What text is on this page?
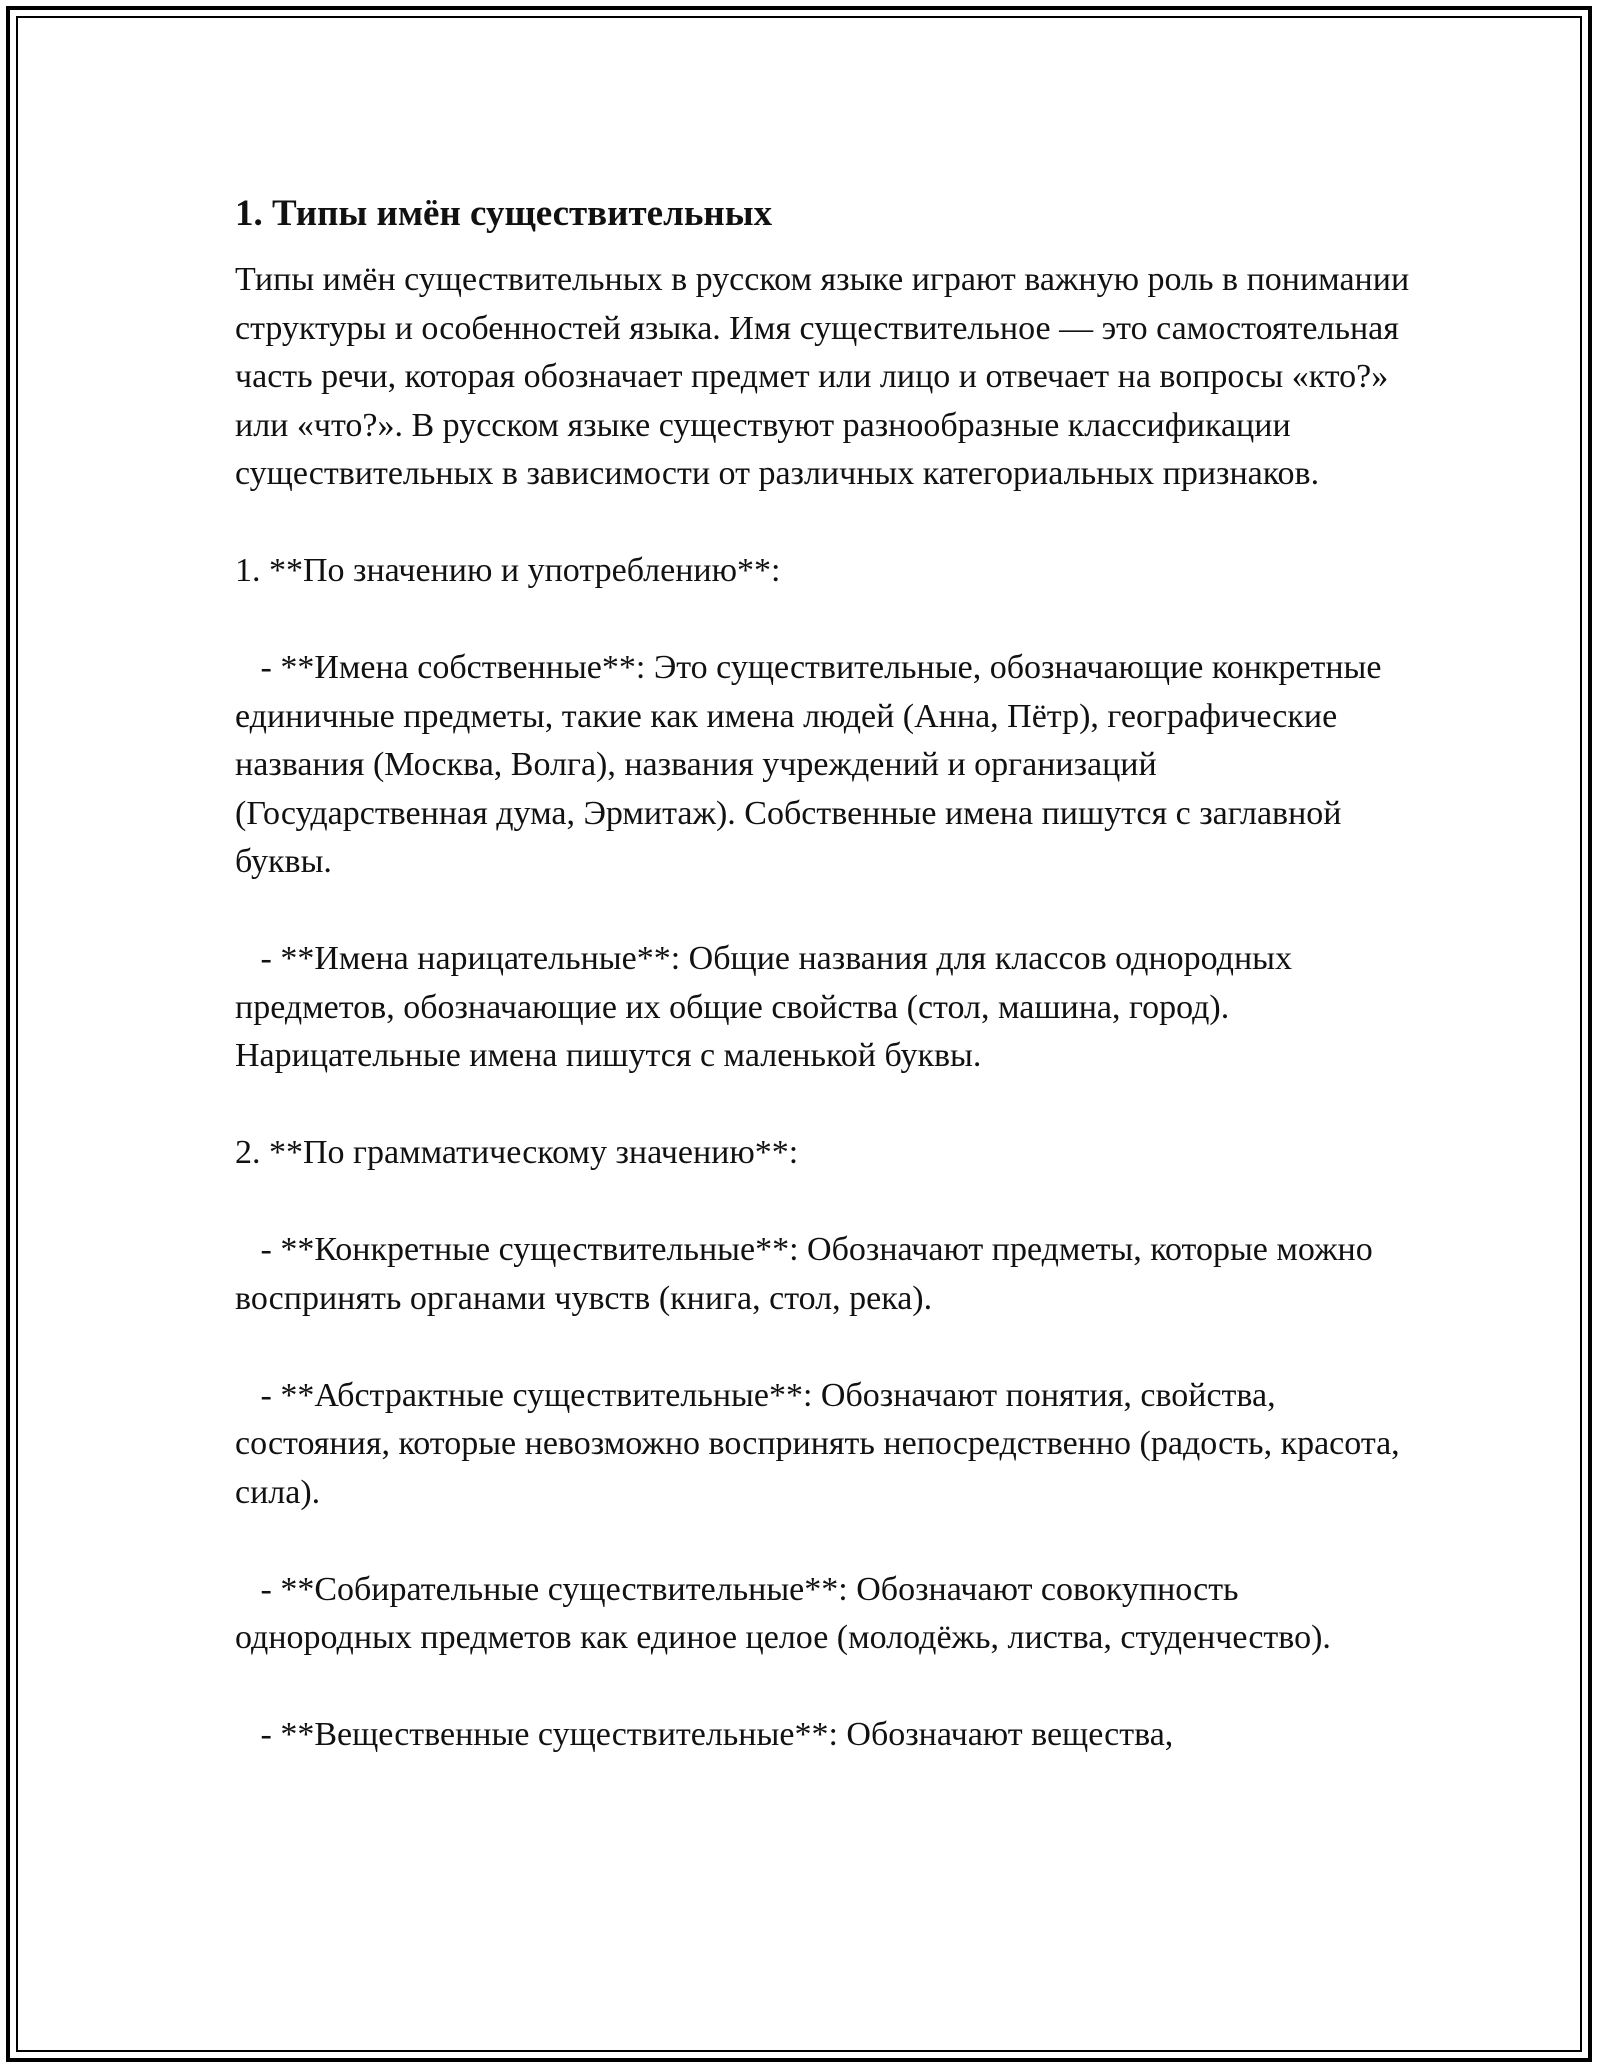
1. Типы имён существительных

Типы имён существительных в русском языке играют важную роль в понимании структуры и особенностей языка. Имя существительное — это самостоятельная часть речи, которая обозначает предмет или лицо и отвечает на вопросы «кто?» или «что?». В русском языке существуют разнообразные классификации существительных в зависимости от различных категориальных признаков.

1. **По значению и употреблению**:

- **Имена собственные**: Это существительные, обозначающие конкретные единичные предметы, такие как имена людей (Анна, Пётр), географические названия (Москва, Волга), названия учреждений и организаций (Государственная дума, Эрмитаж). Собственные имена пишутся с заглавной буквы.

- **Имена нарицательные**: Общие названия для классов однородных предметов, обозначающие их общие свойства (стол, машина, город). Нарицательные имена пишутся с маленькой буквы.

2. **По грамматическому значению**:

- **Конкретные существительные**: Обозначают предметы, которые можно воспринять органами чувств (книга, стол, река).

- **Абстрактные существительные**: Обозначают понятия, свойства, состояния, которые невозможно воспринять непосредственно (радость, красота, сила).

- **Собирательные существительные**: Обозначают совокупность однородных предметов как единое целое (молодёжь, листва, студенчество).

- **Вещественные существительные**: Обозначают вещества,
